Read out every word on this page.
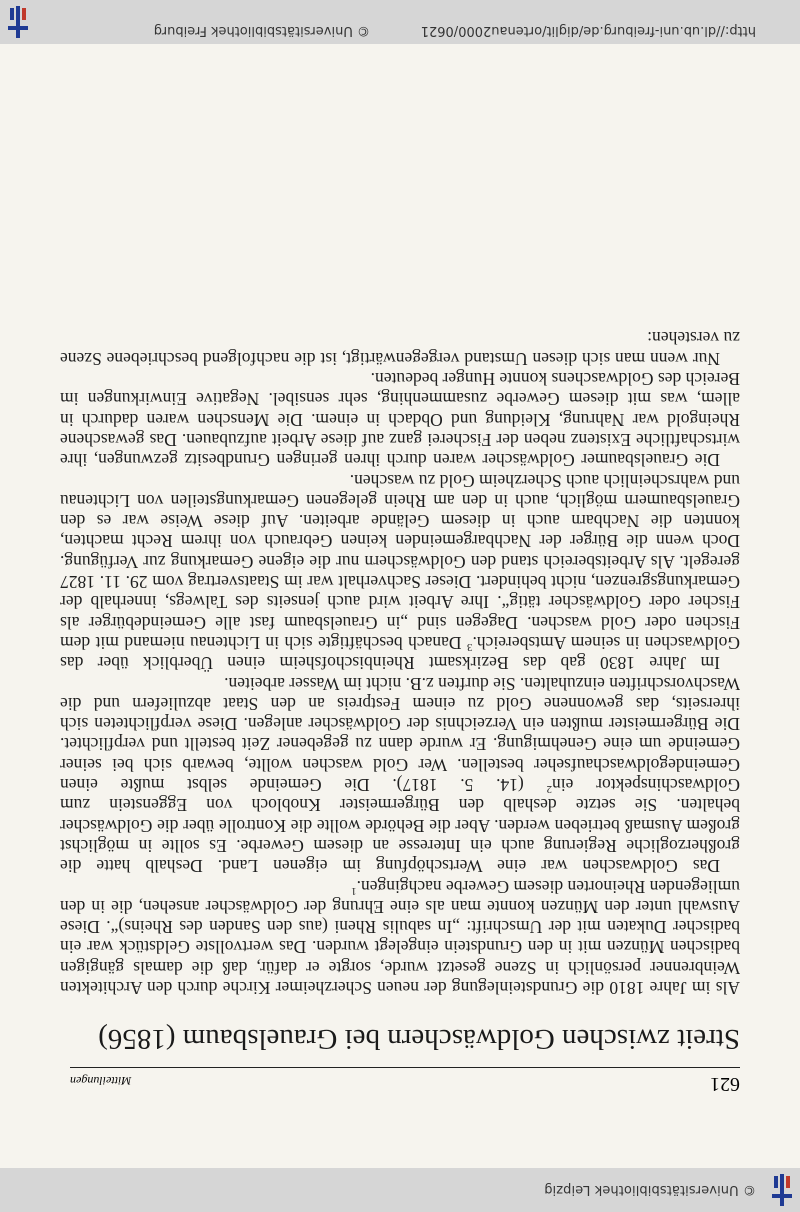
© Universitätsbibliothek Leipzig
621
Mitteilungen
Streit zwischen Goldwäschern bei Grauelsbaum (1856)

Als im Jahre 1810 die Grundsteinlegung der neuen Scherzheimer Kirche durch den Architekten Weinbrenner persönlich in Szene gesetzt wurde, sorgte er dafür, daß die damals gängigen badischen Münzen mit in den Grundstein eingelegt wurden. Das wertvollste Geldstück war ein badischer Dukaten mit der Umschrift: „In sabulis Rheni (aus den Sanden des Rheins)“. Diese Auswahl unter den Münzen konnte man als eine Ehrung der Goldwäscher ansehen, die in den umliegenden Rheinorten diesem Gewerbe nachgingen.$^1$

Das Goldwaschen war eine Wertschöpfung im eigenen Land. Deshalb hatte die großherzogliche Regierung auch ein Interesse an diesem Gewerbe. Es sollte in möglichst großem Ausmaß betrieben werden. Aber die Behörde wollte die Kontrolle über die Goldwäscher behalten. Sie setzte deshalb den Bürgermeister Knobloch von Eggenstein zum Goldwaschinspektor ein$^2$ (14. 5. 1817). Die Gemeinde selbst mußte einen Gemeindegoldwaschaufseher bestellen. Wer Gold waschen wollte, bewarb sich bei seiner Gemeinde um eine Genehmigung. Er wurde dann zu gegebener Zeit bestellt und verpflichtet. Die Bürgermeister mußten ein Verzeichnis der Goldwäscher anlegen. Diese verpflichteten sich ihrerseits, das gewonnene Gold zu einem Festpreis an den Staat abzuliefern und die Waschvorschriften einzuhalten. Sie durften z.B. nicht im Wasser arbeiten.

Im Jahre 1830 gab das Bezirksamt Rheinbischofsheim einen Überblick über das Goldwaschen in seinem Amtsbereich.$^3$ Danach beschäftigte sich in Lichtenau niemand mit dem Fischen oder Gold waschen. Dagegen sind „in Grauelsbaum fast alle Gemeindebürger als Fischer oder Goldwäscher tätig“. Ihre Arbeit wird auch jenseits des Talwegs, innerhalb der Gemarkungsgrenzen, nicht behindert. Dieser Sachverhalt war im Staatsvertrag vom 29. 11. 1827 geregelt. Als Arbeitsbereich stand den Goldwäschern nur die eigene Gemarkung zur Verfügung. Doch wenn die Bürger der Nachbargemeinden keinen Gebrauch von ihrem Recht machten, konnten die Nachbarn auch in diesem Gelände arbeiten. Auf diese Weise war es den Grauelsbaumern möglich, auch in den am Rhein gelegenen Gemarkungsteilen von Lichtenau und wahrscheinlich auch Scherzheim Gold zu waschen.

Die Grauelsbaumer Goldwäscher waren durch ihren geringen Grundbesitz gezwungen, ihre wirtschaftliche Existenz neben der Fischerei ganz auf diese Arbeit aufzubauen. Das gewaschene Rheingold war Nahrung, Kleidung und Obdach in einem. Die Menschen waren dadurch in allem, was mit diesem Gewerbe zusammenhing, sehr sensibel. Negative Einwirkungen im Bereich des Goldwaschens konnte Hunger bedeuten.

Nur wenn man sich diesen Umstand vergegenwärtigt, ist die nachfolgend beschriebene Szene zu verstehen:

http://dl.ub.uni-freiburg.de/diglit/ortenau2000/0621
© Universitätsbibliothek Freiburg
